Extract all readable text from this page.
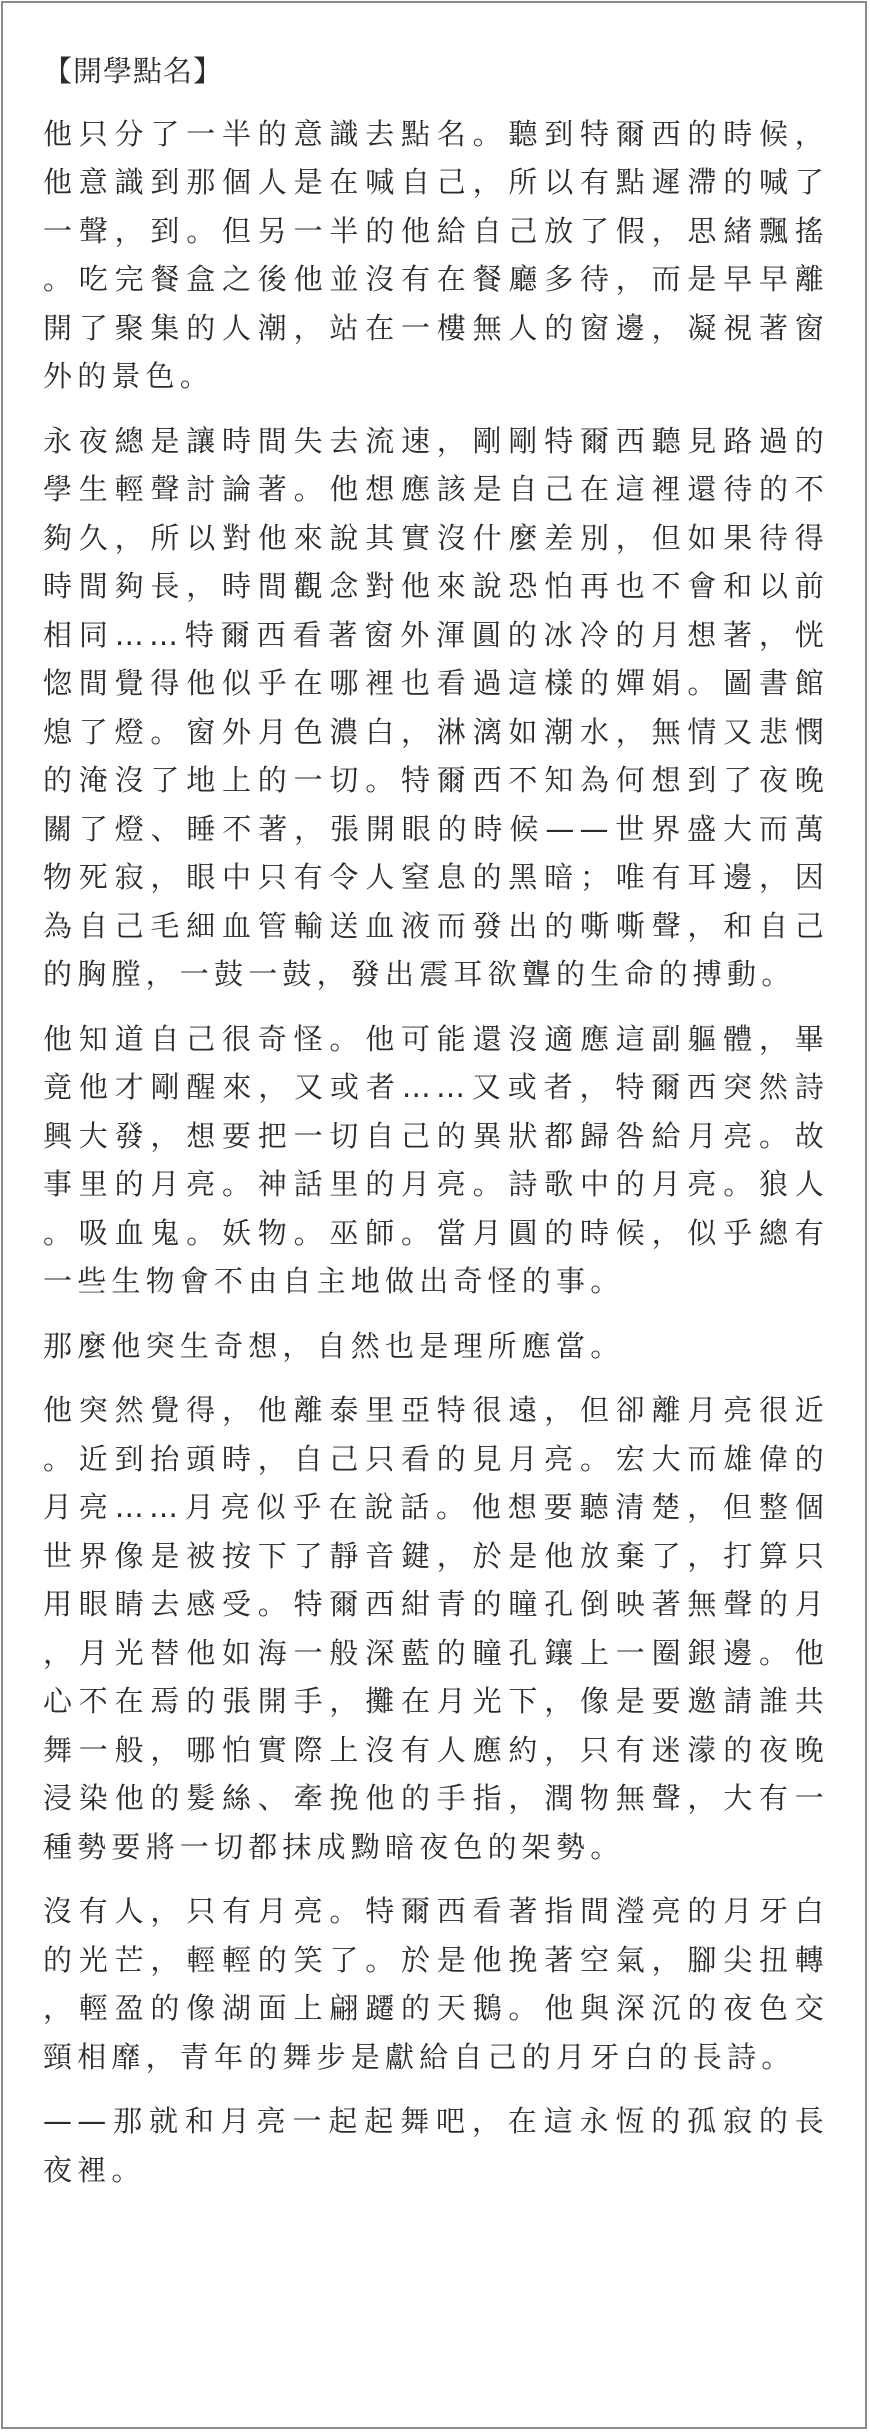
【開學點名】

他只分了一半的意識去點名。聽到特爾西的時候，他意識到那個人是在喊自己，所以有點遲滯的喊了一聲，到。但另一半的他給自己放了假，思緒飄搖。吃完餐盒之後他並沒有在餐廳多待，而是早早離開了聚集的人潮，站在一樓無人的窗邊，凝視著窗外的景色。

永夜總是讓時間失去流速，剛剛特爾西聽見路過的學生輕聲討論著。他想應該是自己在這裡還待的不夠久，所以對他來說其實沒什麼差別，但如果待得時間夠長，時間觀念對他來說恐怕再也不會和以前相同……特爾西看著窗外渾圓的冰冷的月想著，恍惚間覺得他似乎在哪裡也看過這樣的嬋娟。圖書館熄了燈。窗外月色濃白，淋漓如潮水，無情又悲憫的淹沒了地上的一切。特爾西不知為何想到了夜晚關了燈、睡不著，張開眼的時候——世界盛大而萬物死寂，眼中只有令人窒息的黑暗；唯有耳邊，因為自己毛細血管輸送血液而發出的嘶嘶聲，和自己的胸膛，一鼓一鼓，發出震耳欲聾的生命的搏動。

他知道自己很奇怪。他可能還沒適應這副軀體，畢竟他才剛醒來，又或者……又或者，特爾西突然詩興大發，想要把一切自己的異狀都歸咎給月亮。故事里的月亮。神話里的月亮。詩歌中的月亮。狼人。吸血鬼。妖物。巫師。當月圓的時候，似乎總有一些生物會不由自主地做出奇怪的事。

那麼他突生奇想，自然也是理所應當。

他突然覺得，他離泰里亞特很遠，但卻離月亮很近。近到抬頭時，自己只看的見月亮。宏大而雄偉的月亮……月亮似乎在說話。他想要聽清楚，但整個世界像是被按下了靜音鍵，於是他放棄了，打算只用眼睛去感受。特爾西紺青的瞳孔倒映著無聲的月，月光替他如海一般深藍的瞳孔鑲上一圈銀邊。他心不在焉的張開手，攤在月光下，像是要邀請誰共舞一般，哪怕實際上沒有人應約，只有迷濛的夜晚浸染他的髮絲、牽挽他的手指，潤物無聲，大有一種勢要將一切都抹成黝暗夜色的架勢。

沒有人，只有月亮。特爾西看著指間瀅亮的月牙白的光芒，輕輕的笑了。於是他挽著空氣，腳尖扭轉，輕盈的像湖面上翩躚的天鵝。他與深沉的夜色交頸相靡，青年的舞步是獻給自己的月牙白的長詩。

——那就和月亮一起起舞吧，在這永恆的孤寂的長夜裡。
